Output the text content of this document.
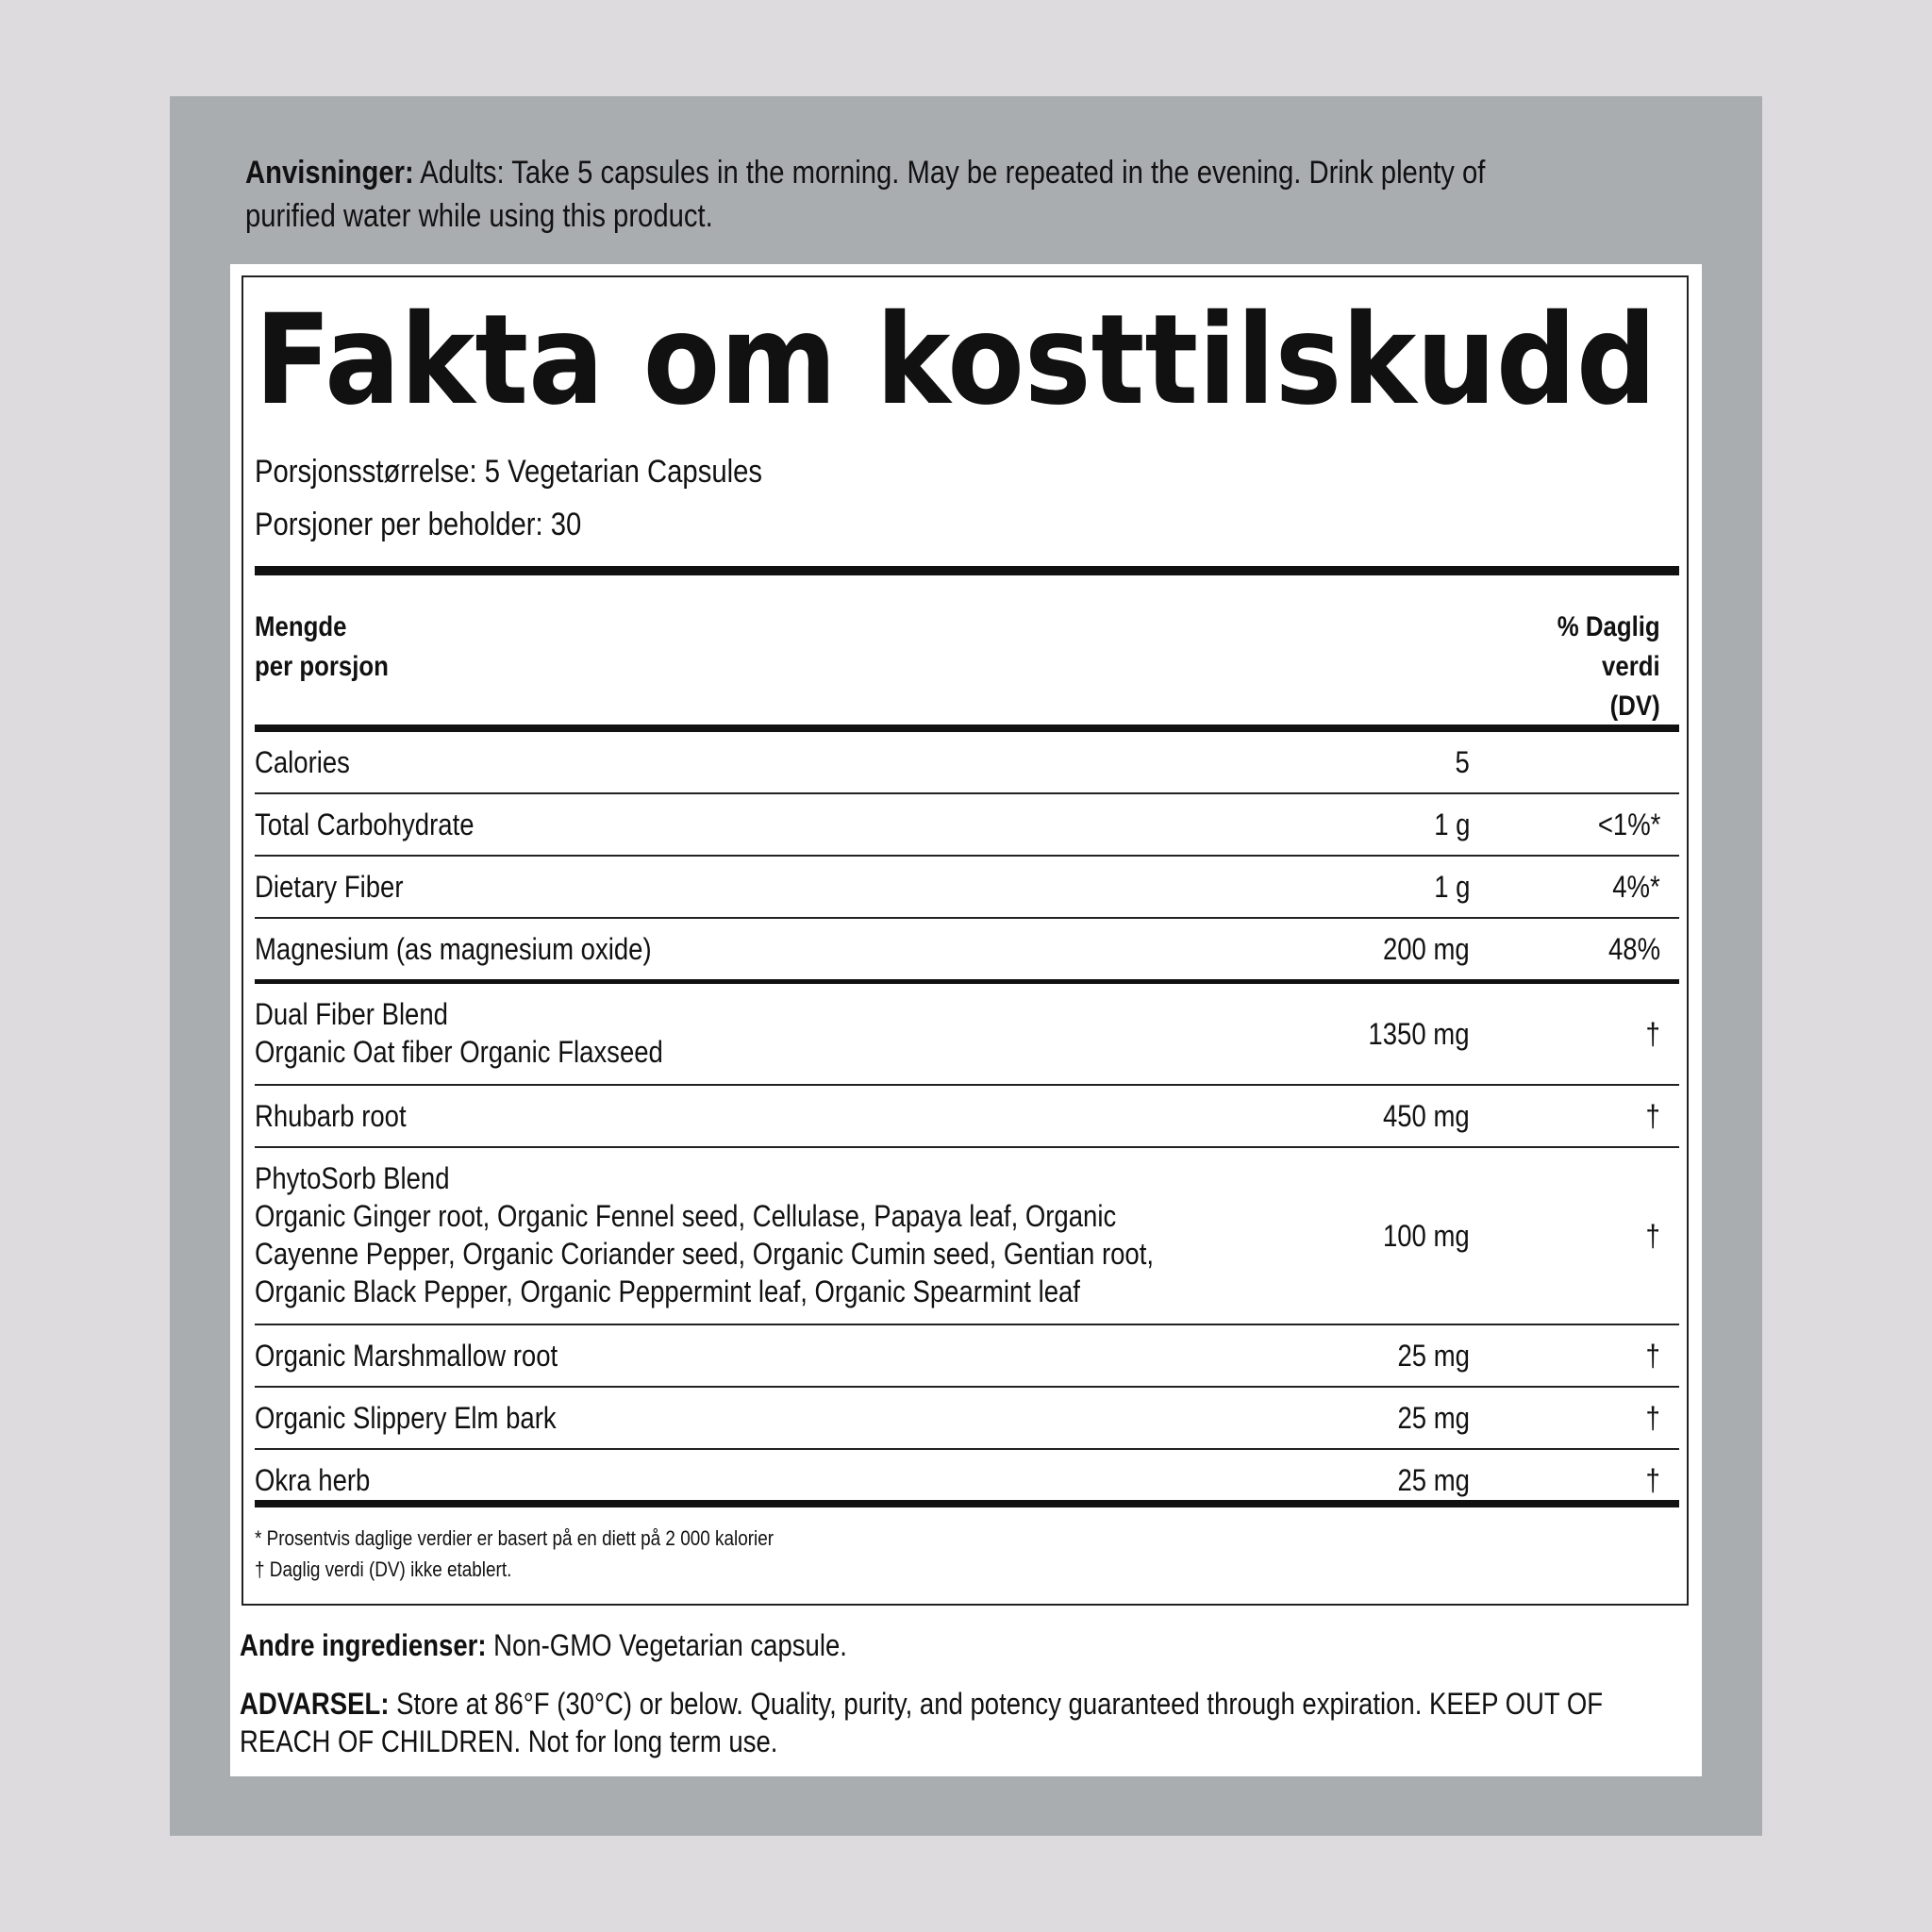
Anvisninger: Adults: Take 5 capsules in the morning. May be repeated in the evening. Drink plenty of
purified water while using this product.
Fakta om kosttilskudd
Porsjonsstørrelse: 5 Vegetarian Capsules
Porsjoner per beholder: 30
Mengde
per porsjon
% Daglig
verdi
(DV)
Calories	5
Total Carbohydrate	1 g	<1%*
Dietary Fiber	1 g	4%*
Magnesium (as magnesium oxide)	200 mg	48%
Dual Fiber Blend
Organic Oat fiber Organic Flaxseed
1350 mg	†
Rhubarb root	450 mg	†
PhytoSorb Blend
Organic Ginger root, Organic Fennel seed, Cellulase, Papaya leaf, Organic
Cayenne Pepper, Organic Coriander seed, Organic Cumin seed, Gentian root,
Organic Black Pepper, Organic Peppermint leaf, Organic Spearmint leaf
100 mg	†
Organic Marshmallow root	25 mg	†
Organic Slippery Elm bark	25 mg	†
Okra herb	25 mg	†
* Prosentvis daglige verdier er basert på en diett på 2 000 kalorier
† Daglig verdi (DV) ikke etablert.
Andre ingredienser: Non-GMO Vegetarian capsule.
ADVARSEL: Store at 86°F (30°C) or below. Quality, purity, and potency guaranteed through expiration. KEEP OUT OF
REACH OF CHILDREN. Not for long term use.
